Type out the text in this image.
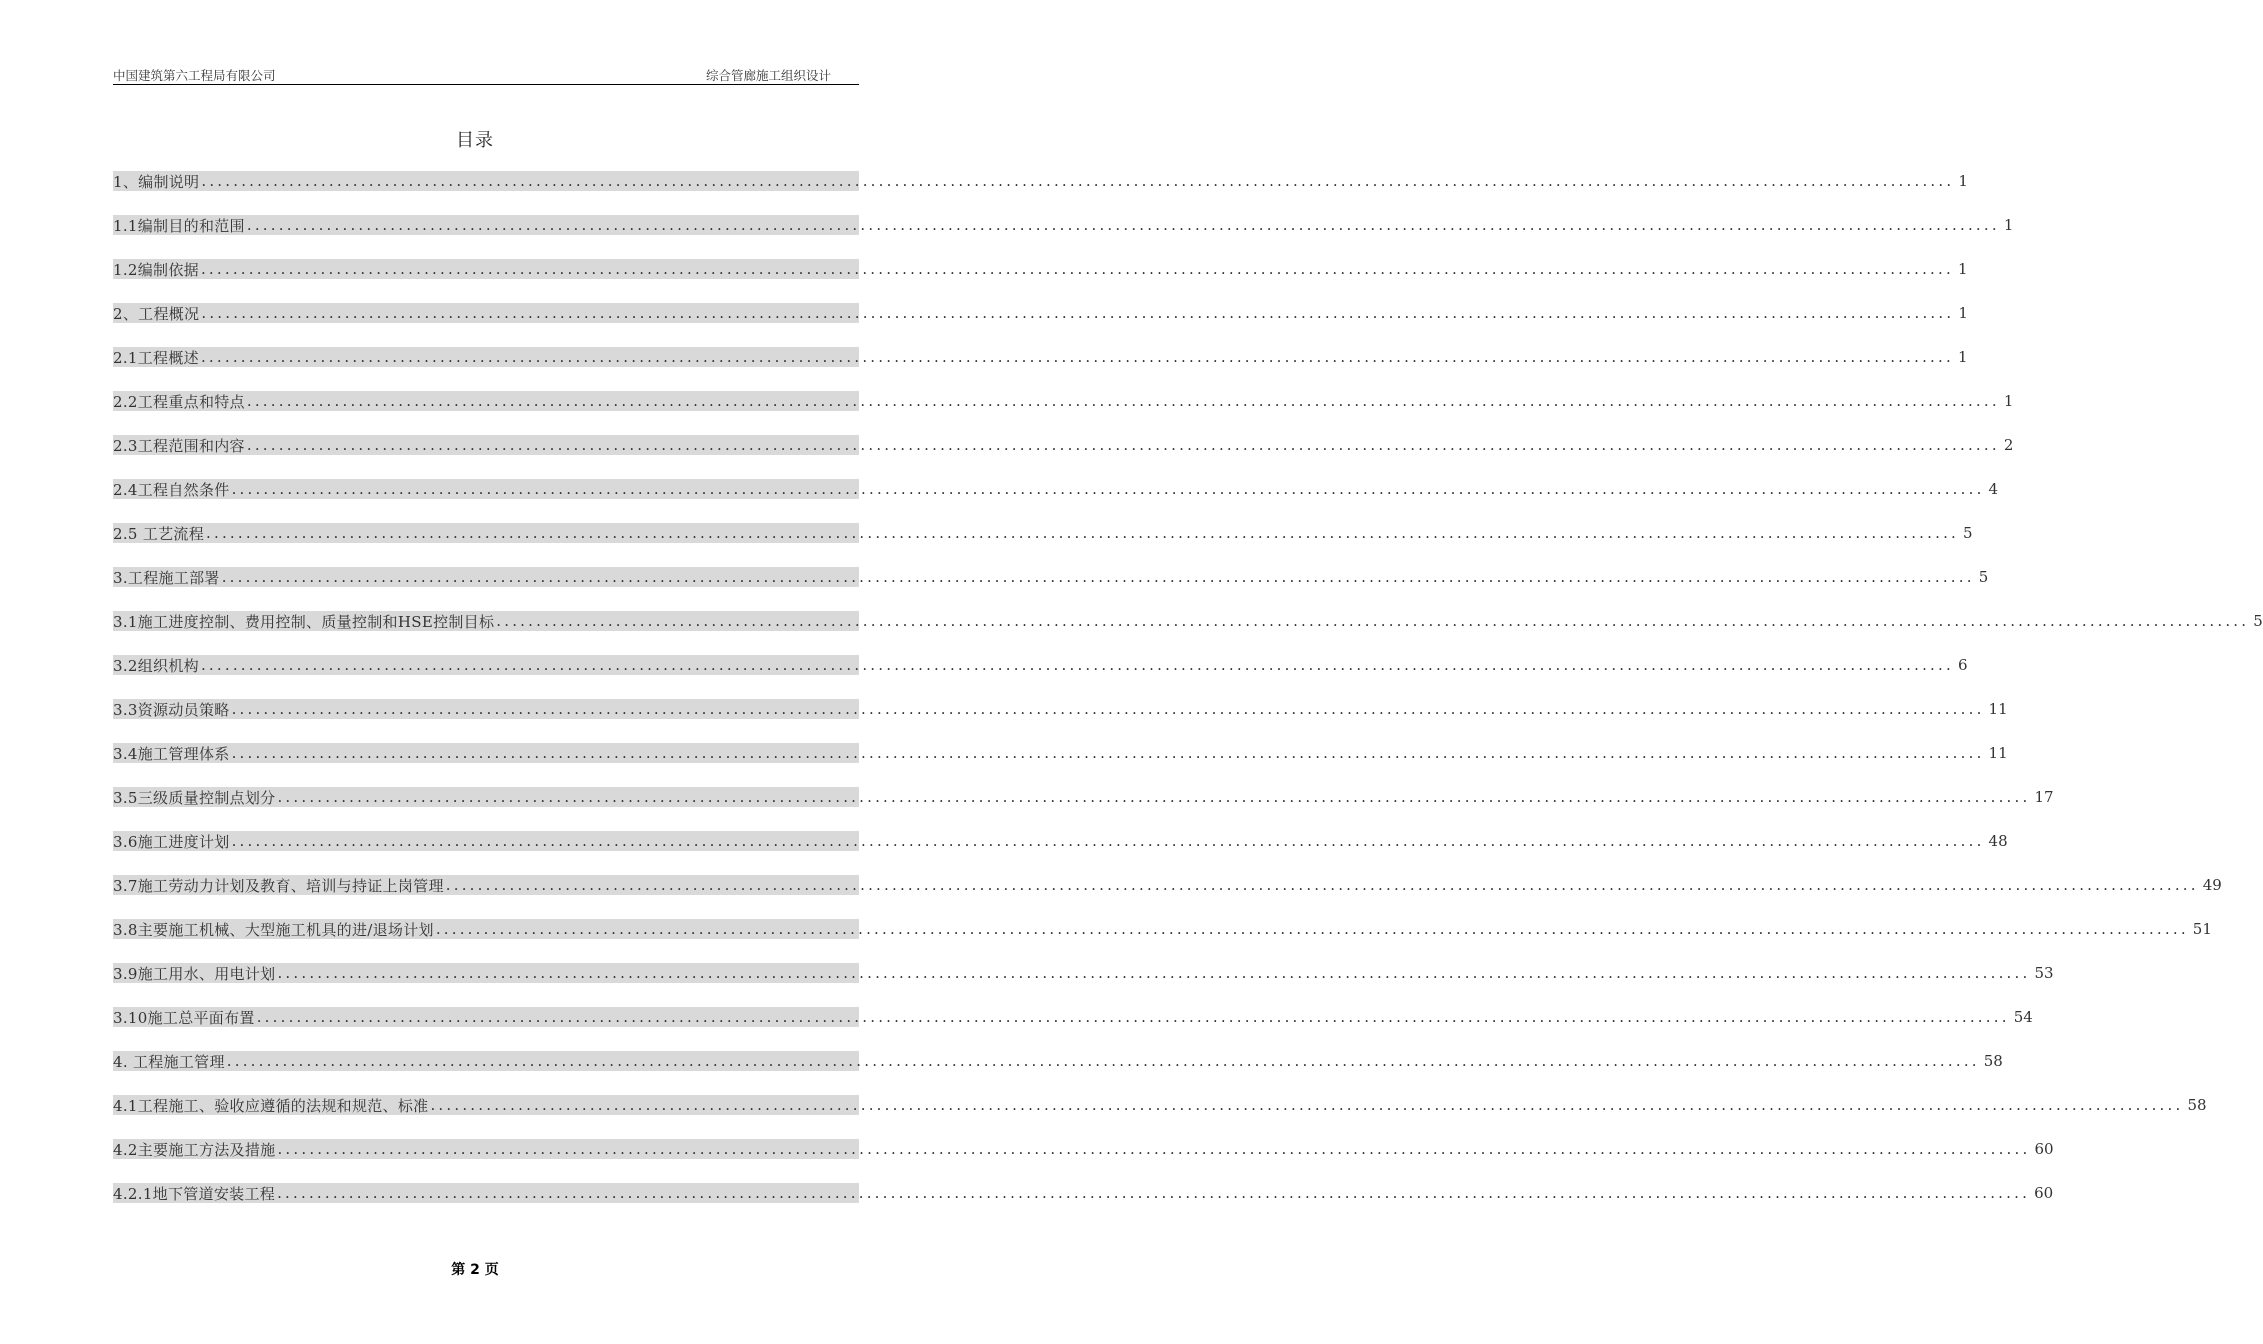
中国建筑第六工程局有限公司	综合管廊施工组织设计
目录
1、编制说明 ............................................................................................................................................................................................................................ 1
1.1编制目的和范围 ............................................................................................................................................................................................................................ 1
1.2编制依据 ............................................................................................................................................................................................................................ 1
2、工程概况 ............................................................................................................................................................................................................................ 1
2.1工程概述 ............................................................................................................................................................................................................................ 1
2.2工程重点和特点 ............................................................................................................................................................................................................................ 1
2.3工程范围和内容 ............................................................................................................................................................................................................................ 2
2.4工程自然条件 ............................................................................................................................................................................................................................ 4
2.5 工艺流程 ............................................................................................................................................................................................................................ 5
3.工程施工部署 ............................................................................................................................................................................................................................ 5
3.1施工进度控制、费用控制、质量控制和HSE控制目标 ............................................................................................................................................................................................................................ 5
3.2组织机构 ............................................................................................................................................................................................................................ 6
3.3资源动员策略 ............................................................................................................................................................................................................................ 11
3.4施工管理体系 ............................................................................................................................................................................................................................ 11
3.5三级质量控制点划分 ............................................................................................................................................................................................................................ 17
3.6施工进度计划 ............................................................................................................................................................................................................................ 48
3.7施工劳动力计划及教育、培训与持证上岗管理 ............................................................................................................................................................................................................................ 49
3.8主要施工机械、大型施工机具的进/退场计划 ............................................................................................................................................................................................................................ 51
3.9施工用水、用电计划 ............................................................................................................................................................................................................................ 53
3.10施工总平面布置 ............................................................................................................................................................................................................................ 54
4. 工程施工管理 ............................................................................................................................................................................................................................ 58
4.1工程施工、验收应遵循的法规和规范、标准 ............................................................................................................................................................................................................................ 58
4.2主要施工方法及措施 ............................................................................................................................................................................................................................ 60
4.2.1地下管道安装工程 ............................................................................................................................................................................................................................ 60
第 2 页
